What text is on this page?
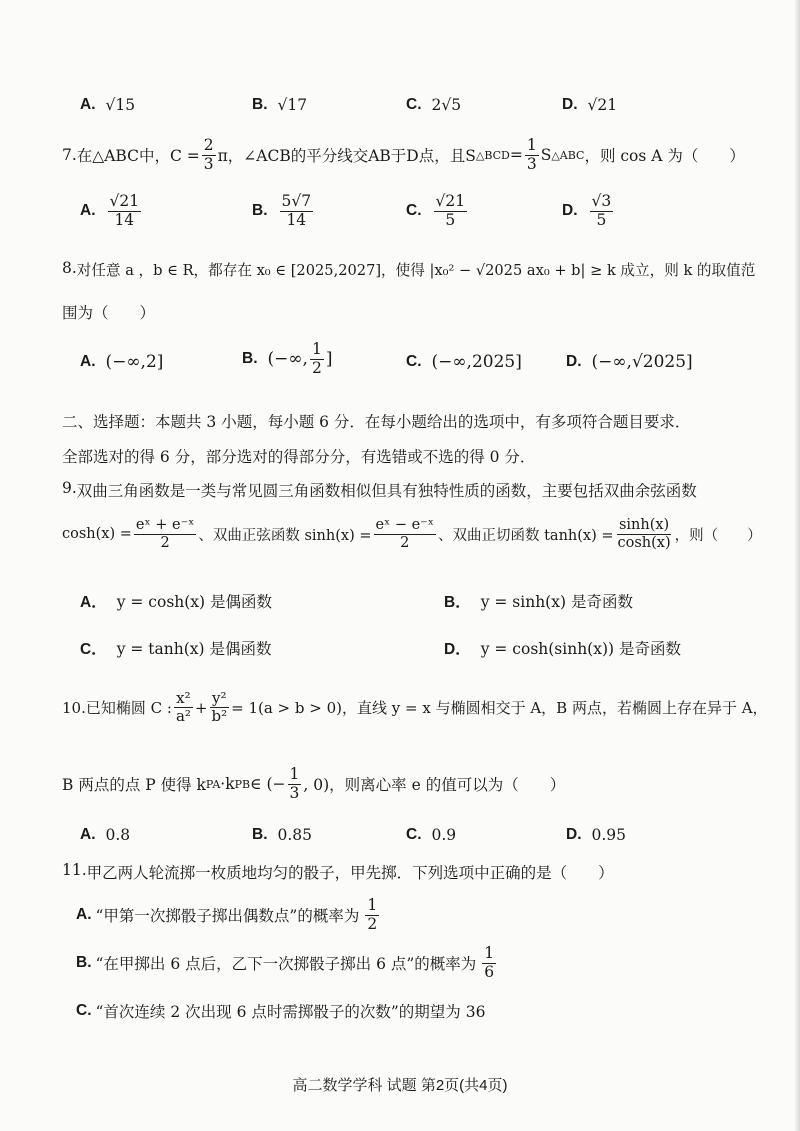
A. √15	B. √17	C. 2√5	D. √21
7. 在△ABC中，$C = \frac{2}{3}$ π，∠ACB的平分线交AB于D点，且S △BCD = $\frac{1}{3}$ S △ABC ，则 cos A 为（　　）
A. $\frac{√21}{14}$	B. $\frac{5√7}{14}$	C. $\frac{√21}{5}$	D. $\frac{√3}{5}$
8. 对任意 a ，b ∈ R，都存在 x₀ ∈ [2025,2027]，使得 |x₀² − √2025 ax₀ + b| ≥ k 成立，则 k 的取值范
围为（　　）
A. (−∞,2]	B. (−∞, $\frac{1}{2}$ ]	C. (−∞,2025]	D. (−∞,√2025]
二、选择题：本题共 3 小题，每小题 6 分．在每小题给出的选项中，有多项符合题目要求．
全部选对的得 6 分，部分选对的得部分分，有选错或不选的得 0 分．
9. 双曲三角函数是一类与常见圆三角函数相似但具有独特性质的函数，主要包括双曲余弦函数
$\cosh(x) = \frac{\text{eˣ + e⁻ˣ}}{2}$ 、双曲正弦函数 $\sinh(x) = \frac{\text{eˣ − e⁻ˣ}}{2}$ 、双曲正切函数 $\tanh(x) = \frac{\sinh(x)}{\cosh(x)}$ ，则（　　）
A． y = cosh(x) 是偶函数	B． y = sinh(x) 是奇函数
C． y = tanh(x) 是偶函数	D． y = cosh(sinh(x)) 是奇函数
10. 已知椭圆 C : $\frac{\text{x²}}{\text{a²}} + \frac{\text{y²}}{\text{b²}} = 1(a > b > 0)$，直线 y = x 与椭圆相交于 A，B 两点，若椭圆上存在异于 A，
B 两点的点 P 使得 k PA ·k PB ∈ (− $\frac{1}{3}$ , 0)，则离心率 e 的值可以为（　　）
A. 0.8	B. 0.85	C. 0.9	D. 0.95
11. 甲乙两人轮流掷一枚质地均匀的骰子，甲先掷．下列选项中正确的是（　　）
A. “甲第一次掷骰子掷出偶数点”的概率为 $\frac{1}{2}$
B. “在甲掷出 6 点后，乙下一次掷骰子掷出 6 点”的概率为 $\frac{1}{6}$
C. “首次连续 2 次出现 6 点时需掷骰子的次数”的期望为 36
高二数学学科 试题 第2页(共4页)
